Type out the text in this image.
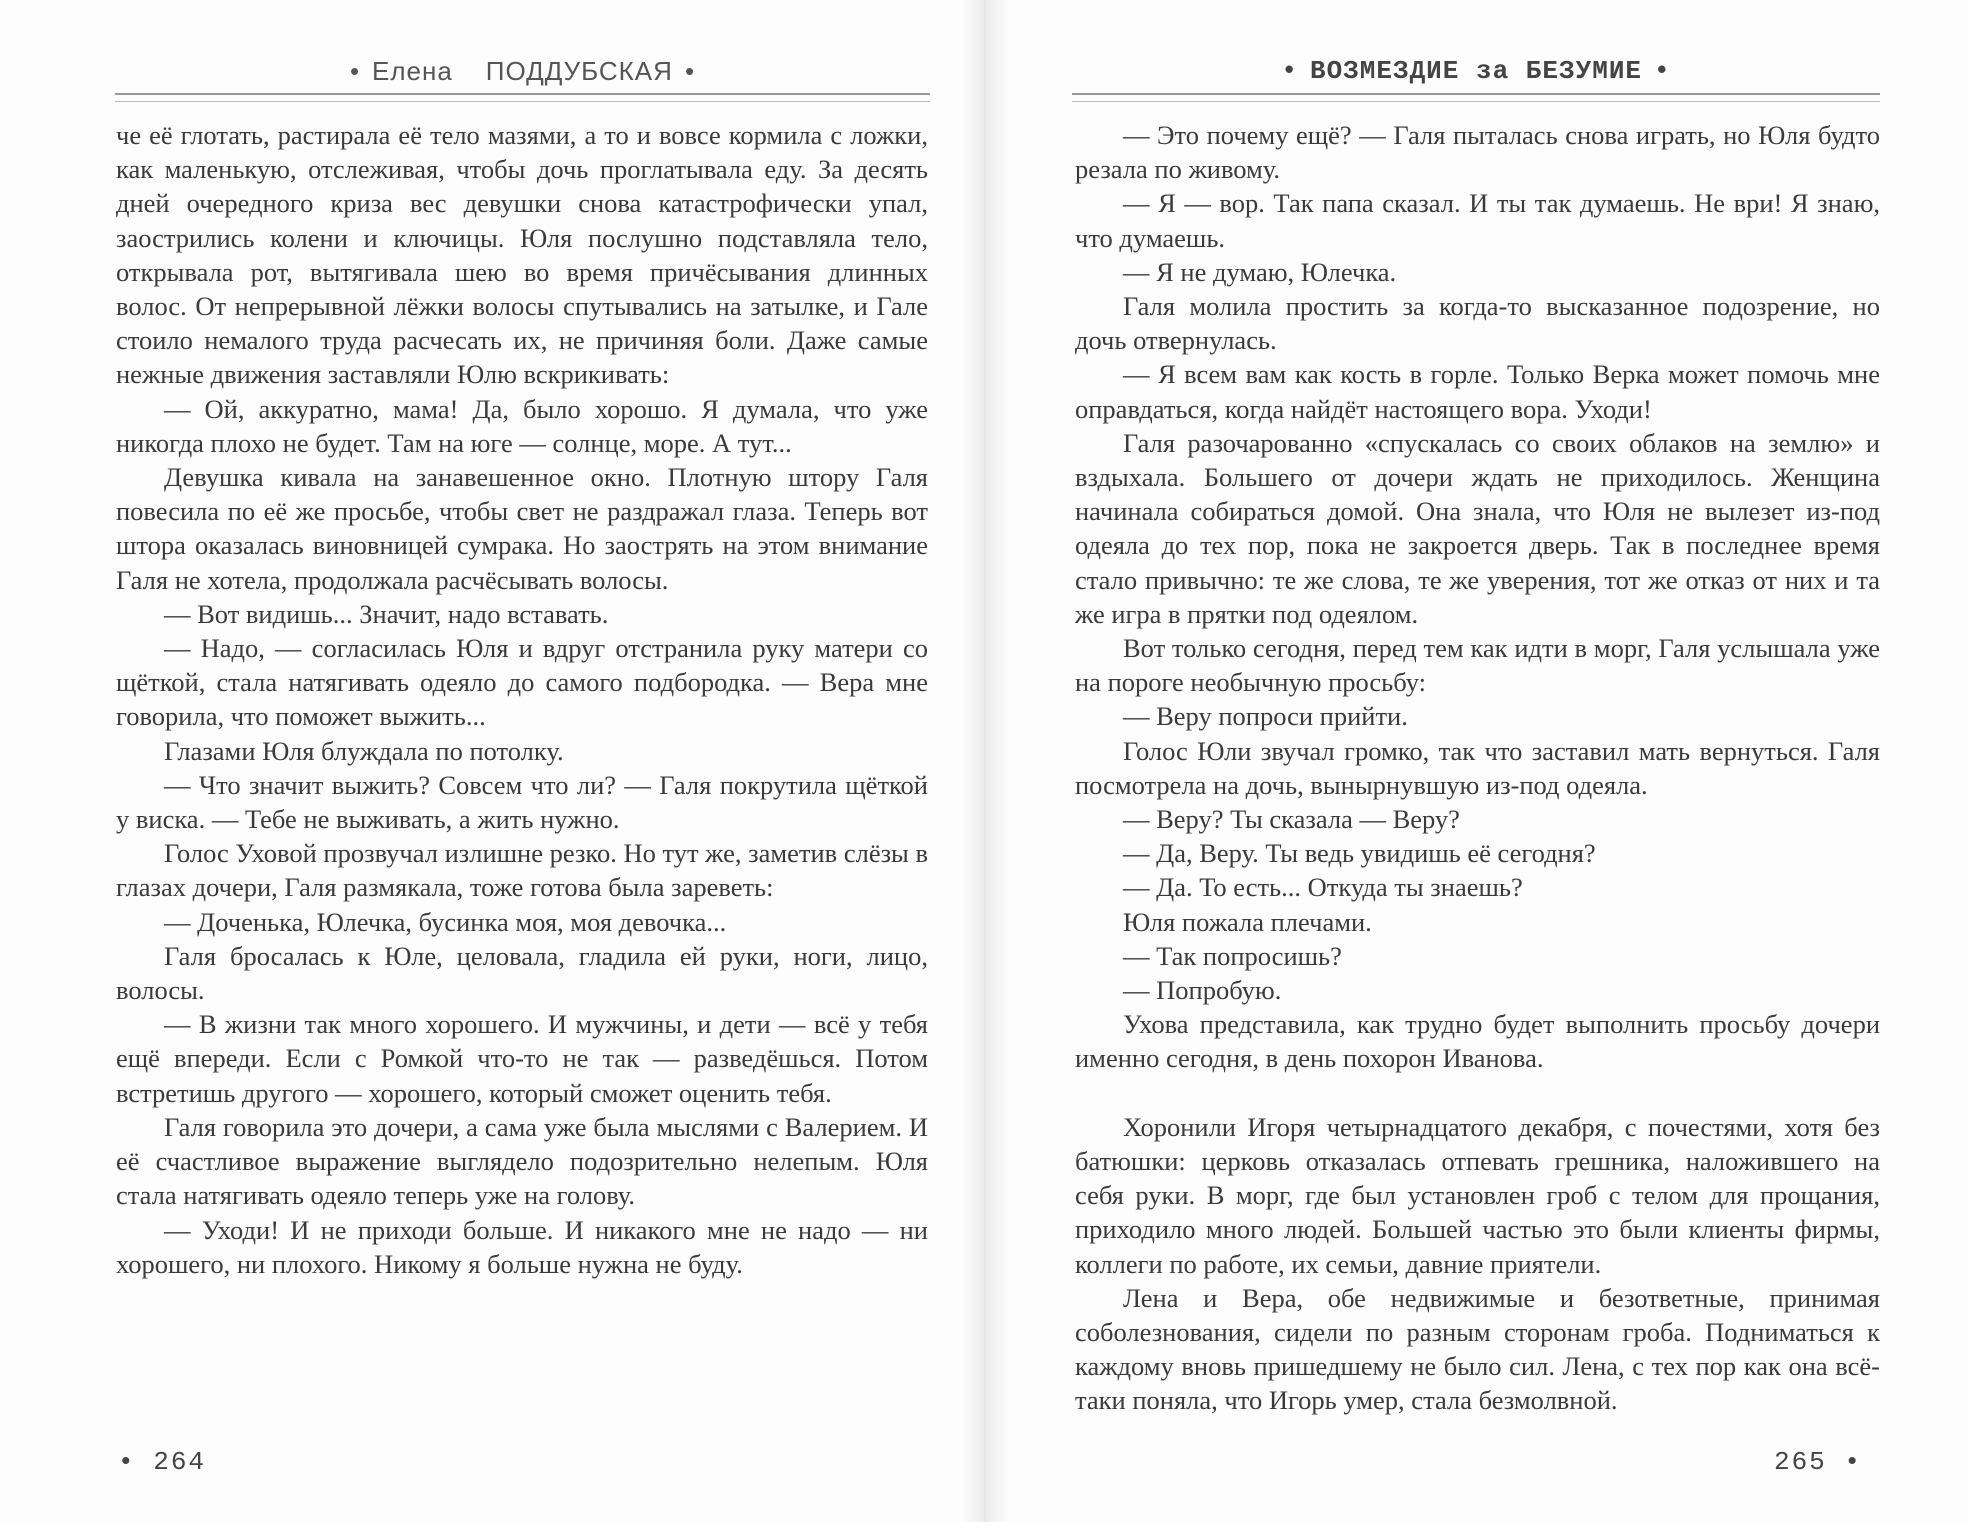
• Елена ПОДДУБСКАЯ •

че её глотать, растирала её тело мазями, а то и вовсе кормила с ложки, как маленькую, отслеживая, чтобы дочь проглатывала еду. За десять дней очередного криза вес девушки снова катастрофически упал, заострились колени и ключицы. Юля послушно подставляла тело, открывала рот, вытягивала шею во время причёсывания длинных волос. От непрерывной лёжки волосы спутывались на затылке, и Гале стоило немалого труда расчесать их, не причиняя боли. Даже самые нежные движения заставляли Юлю вскрикивать:

— Ой, аккуратно, мама! Да, было хорошо. Я думала, что уже никогда плохо не будет. Там на юге — солнце, море. А тут...

Девушка кивала на занавешенное окно. Плотную штору Галя повесила по её же просьбе, чтобы свет не раздражал глаза. Теперь вот штора оказалась виновницей сумрака. Но заострять на этом внимание Галя не хотела, продолжала расчёсывать волосы.

— Вот видишь... Значит, надо вставать.

— Надо, — согласилась Юля и вдруг отстранила руку матери со щёткой, стала натягивать одеяло до самого подбородка. — Вера мне говорила, что поможет выжить...

Глазами Юля блуждала по потолку.

— Что значит выжить? Совсем что ли? — Галя покрутила щёткой у виска. — Тебе не выживать, а жить нужно.

Голос Уховой прозвучал излишне резко. Но тут же, заметив слёзы в глазах дочери, Галя размякала, тоже готова была зареветь:

— Доченька, Юлечка, бусинка моя, моя девочка...

Галя бросалась к Юле, целовала, гладила ей руки, ноги, лицо, волосы.

— В жизни так много хорошего. И мужчины, и дети — всё у тебя ещё впереди. Если с Ромкой что-то не так — разведёшься. Потом встретишь другого — хорошего, который сможет оценить тебя.

Галя говорила это дочери, а сама уже была мыслями с Валерием. И её счастливое выражение выглядело подозрительно нелепым. Юля стала натягивать одеяло теперь уже на голову.

— Уходи! И не приходи больше. И никакого мне не надо — ни хорошего, ни плохого. Никому я больше нужна не буду.

• 264
• ВОЗМЕЗДИЕ за БЕЗУМИЕ •

— Это почему ещё? — Галя пыталась снова играть, но Юля будто резала по живому.

— Я — вор. Так папа сказал. И ты так думаешь. Не ври! Я знаю, что думаешь.

— Я не думаю, Юлечка.

Галя молила простить за когда-то высказанное подозрение, но дочь отвернулась.

— Я всем вам как кость в горле. Только Верка может помочь мне оправдаться, когда найдёт настоящего вора. Уходи!

Галя разочарованно «спускалась со своих облаков на землю» и вздыхала. Большего от дочери ждать не приходилось. Женщина начинала собираться домой. Она знала, что Юля не вылезет из-под одеяла до тех пор, пока не закроется дверь. Так в последнее время стало привычно: те же слова, те же уверения, тот же отказ от них и та же игра в прятки под одеялом.

Вот только сегодня, перед тем как идти в морг, Галя услышала уже на пороге необычную просьбу:

— Веру попроси прийти.

Голос Юли звучал громко, так что заставил мать вернуться. Галя посмотрела на дочь, вынырнувшую из-под одеяла.

— Веру? Ты сказала — Веру?

— Да, Веру. Ты ведь увидишь её сегодня?

— Да. То есть... Откуда ты знаешь?

Юля пожала плечами.

— Так попросишь?

— Попробую.

Ухова представила, как трудно будет выполнить просьбу дочери именно сегодня, в день похорон Иванова.

Хоронили Игоря четырнадцатого декабря, с почестями, хотя без батюшки: церковь отказалась отпевать грешника, наложившего на себя руки. В морг, где был установлен гроб с телом для прощания, приходило много людей. Большей частью это были клиенты фирмы, коллеги по работе, их семьи, давние приятели.

Лена и Вера, обе недвижимые и безответные, принимая соболезнования, сидели по разным сторонам гроба. Подниматься к каждому вновь пришедшему не было сил. Лена, с тех пор как она всё-таки поняла, что Игорь умер, стала безмолвной.

265 •
